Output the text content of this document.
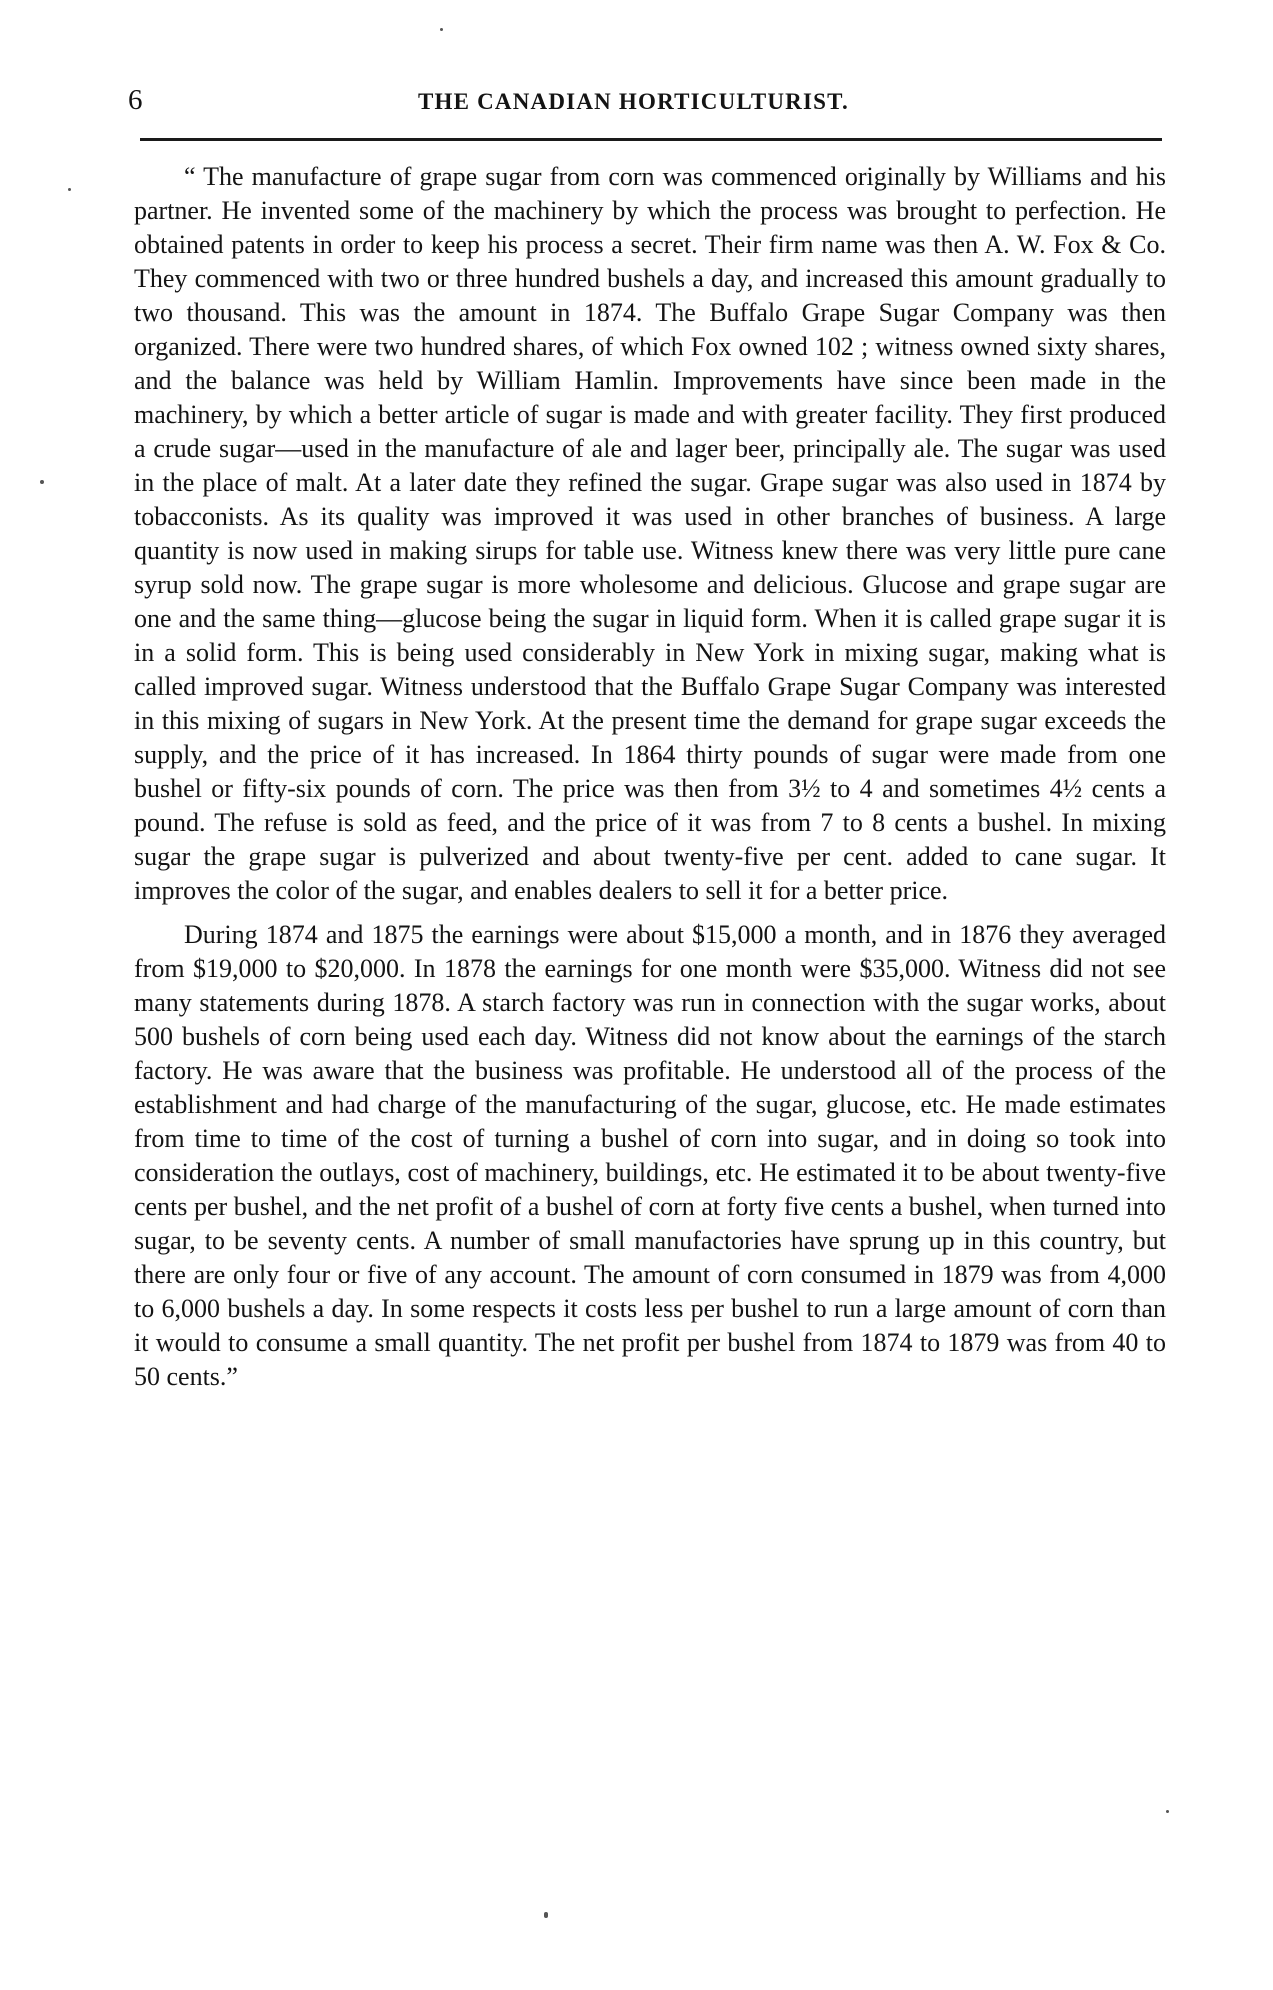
6	THE CANADIAN HORTICULTURIST.

“ The manufacture of grape sugar from corn was commenced originally by Williams and his partner. He invented some of the machinery by which the process was brought to perfection. He obtained patents in order to keep his process a secret. Their firm name was then A. W. Fox & Co. They commenced with two or three hundred bushels a day, and increased this amount gradually to two thousand. This was the amount in 1874. The Buffalo Grape Sugar Company was then organized. There were two hundred shares, of which Fox owned 102 ; witness owned sixty shares, and the balance was held by William Hamlin. Improvements have since been made in the machinery, by which a better article of sugar is made and with greater facility. They first produced a crude sugar—used in the manufacture of ale and lager beer, principally ale. The sugar was used in the place of malt. At a later date they refined the sugar. Grape sugar was also used in 1874 by tobacconists. As its quality was improved it was used in other branches of business. A large quantity is now used in making sirups for table use. Witness knew there was very little pure cane syrup sold now. The grape sugar is more wholesome and delicious. Glucose and grape sugar are one and the same thing—glucose being the sugar in liquid form. When it is called grape sugar it is in a solid form. This is being used considerably in New York in mixing sugar, making what is called improved sugar. Witness understood that the Buffalo Grape Sugar Company was interested in this mixing of sugars in New York. At the present time the demand for grape sugar exceeds the supply, and the price of it has increased. In 1864 thirty pounds of sugar were made from one bushel or fifty-six pounds of corn. The price was then from 3½ to 4 and sometimes 4½ cents a pound. The refuse is sold as feed, and the price of it was from 7 to 8 cents a bushel. In mixing sugar the grape sugar is pulverized and about twenty-five per cent. added to cane sugar. It improves the color of the sugar, and enables dealers to sell it for a better price.

During 1874 and 1875 the earnings were about $15,000 a month, and in 1876 they averaged from $19,000 to $20,000. In 1878 the earnings for one month were $35,000. Witness did not see many statements during 1878. A starch factory was run in connection with the sugar works, about 500 bushels of corn being used each day. Witness did not know about the earnings of the starch factory. He was aware that the business was profitable. He understood all of the process of the establishment and had charge of the manufacturing of the sugar, glucose, etc. He made estimates from time to time of the cost of turning a bushel of corn into sugar, and in doing so took into consideration the outlays, cost of machinery, buildings, etc. He estimated it to be about twenty-five cents per bushel, and the net profit of a bushel of corn at forty five cents a bushel, when turned into sugar, to be seventy cents. A number of small manufactories have sprung up in this country, but there are only four or five of any account. The amount of corn consumed in 1879 was from 4,000 to 6,000 bushels a day. In some respects it costs less per bushel to run a large amount of corn than it would to consume a small quantity. The net profit per bushel from 1874 to 1879 was from 40 to 50 cents.”
